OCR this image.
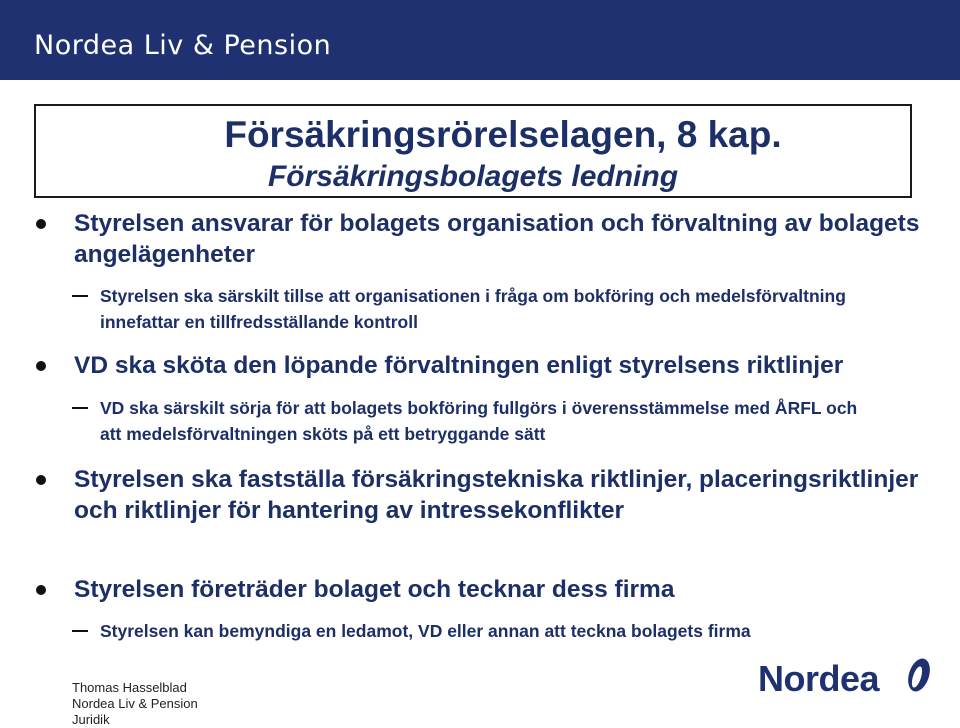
Nordea Liv & Pension
Försäkringsrörelselagen, 8 kap.
Försäkringsbolagets ledning
Styrelsen ansvarar för bolagets organisation och förvaltning av bolagets angelägenheter
Styrelsen ska särskilt tillse att organisationen i fråga om bokföring och medelsförvaltning innefattar en tillfredsställande kontroll
VD ska sköta den löpande förvaltningen enligt styrelsens riktlinjer
VD ska särskilt sörja för att bolagets bokföring fullgörs i överensstämmelse med ÅRFL och att medelsförvaltningen sköts på ett betryggande sätt
Styrelsen ska fastställa försäkringstekniska riktlinjer, placeringsriktlinjer och riktlinjer för hantering av intressekonflikter
Styrelsen företräder bolaget och tecknar dess firma
Styrelsen kan bemyndiga en ledamot, VD eller annan att teckna bolagets firma
Thomas Hasselblad
Nordea Liv & Pension
Juridik
Nordea
